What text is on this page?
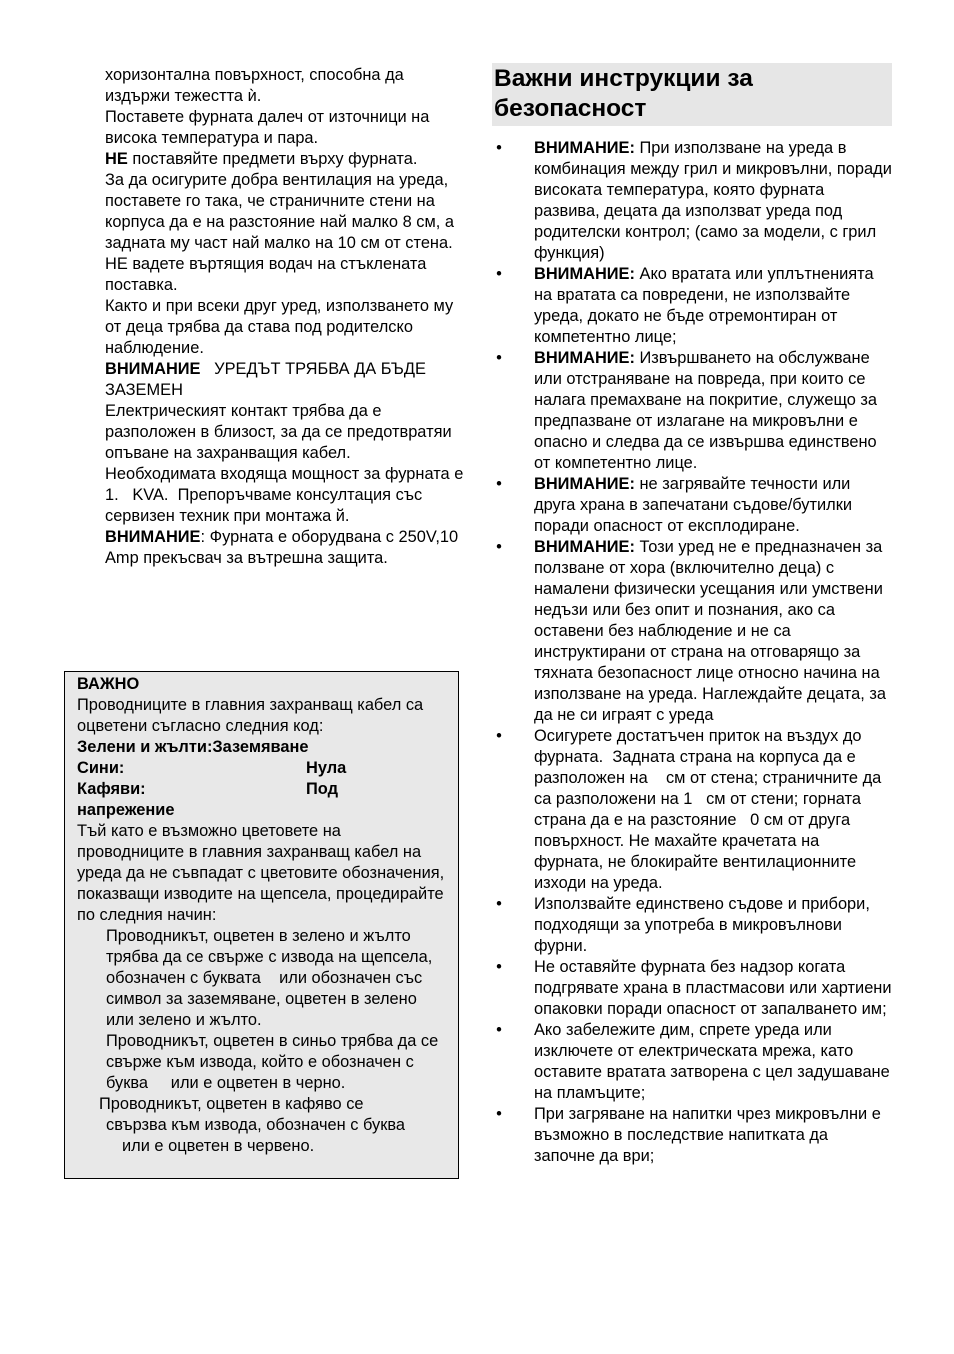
хоризонтална повърхност, способна да издържи тежестта ѝ.

Поставете фурната далеч от източници на висока температура и пара.

НЕ поставяйте предмети върху фурната.

За да осигурите добра вентилация на уреда, поставете го така, че страничните стени на корпуса да е на разстояние най малко 8 см, а задната му част най малко на 10 см от стена.

НЕ вадете въртящия водач на стъклената поставка.

Както и при всеки друг уред, използването му от деца трябва да става под родителско наблюдение.

ВНИМАНИЕ   УРЕДЪТ ТРЯБВА ДА БЪДЕ ЗАЗЕМЕН

Електрическият контакт трябва да е разположен в близост, за да се предотвратяи опъване на захранващия кабел.

Необходимата входяща мощност за фурната е 1.   KVA.  Препоръчваме консултация със сервизен техник при монтажа й.

ВНИМАНИЕ: Фурната е оборудвана с 250V,10 Amp прекъсвач за вътрешна защита.

ВАЖНО

Проводниците в главния захранващ кабел са оцветени съгласно следния код:

Зелени и жълти: Заземяване
Сини:	Нула
Кафяви:	Под

напрежение

Тъй като е възможно цветовете на проводниците в главния захранващ кабел на уреда да не съвпадат с цветовите обозначения, показващи изводите на щепсела, процедирайте по следния начин:

Проводникът, оцветен в зелено и жълто трябва да се свърже с извода на щепсела, обозначен с буквата    или обозначен със символ за заземяване, оцветен в зелено или зелено и жълто.

Проводникът, оцветен в синьо трябва да се свърже към извода, който е обозначен с буква     или е оцветен в черно.

Проводникът, оцветен в кафяво се

свързва към извода, обозначен с буква

или е оцветен в червено.

Важни инструкции за безопасност
• ВНИМАНИЕ: При използване на уреда в комбинация между грил и микровълни, поради високата температура, която фурната развива, децата да използват уреда под родителски контрол; (само за модели, с грил функция)
• ВНИМАНИЕ: Ако вратата или уплътненията на вратата са повредени, не използвайте уреда, докато не бъде отремонтиран от компетентно лице;
• ВНИМАНИЕ: Извършването на обслужване или отстраняване на повреда, при които се налага премахване на покритие, служещо за предпазване от излагане на микровълни е опасно и следва да се извършва единствено от компетентно лице.
• ВНИМАНИЕ: не загрявайте течности или друга храна в запечатани съдове/бутилки поради опасност от експлодиране.
• ВНИМАНИЕ: Този уред не е предназначен за ползване от хора (включително деца) с намалени физически усещания или умствени недъзи или без опит и познания, ако са оставени без наблюдение и не са инструктирани от страна на отговарящо за тяхната безопасност лице относно начина на използване на уреда. Наглеждайте децата, за да не си играят с уреда
• Осигурете достатъчен приток на въздух до фурната.  Задната страна на корпуса да е разположен на    см от стена; страничните да са разположени на 1   см от стени; горната страна да е на разстояние   0 см от друга повърхност. Не махайте крачетата на фурната, не блокирайте вентилационните изходи на уреда.
• Използвайте единствено съдове и прибори, подходящи за употреба в микровълнови фурни.
• Не оставяйте фурната без надзор когата подгрявате храна в пластмасови или хартиени опаковки поради опасност от запалването им;
• Ако забележите дим, спрете уреда или изключете от електрическата мрежа, като оставите вратата затворена с цел задушаване на пламъците;
• При загряване на напитки чрез микровълни е възможно в последствие напитката да започне да ври;
